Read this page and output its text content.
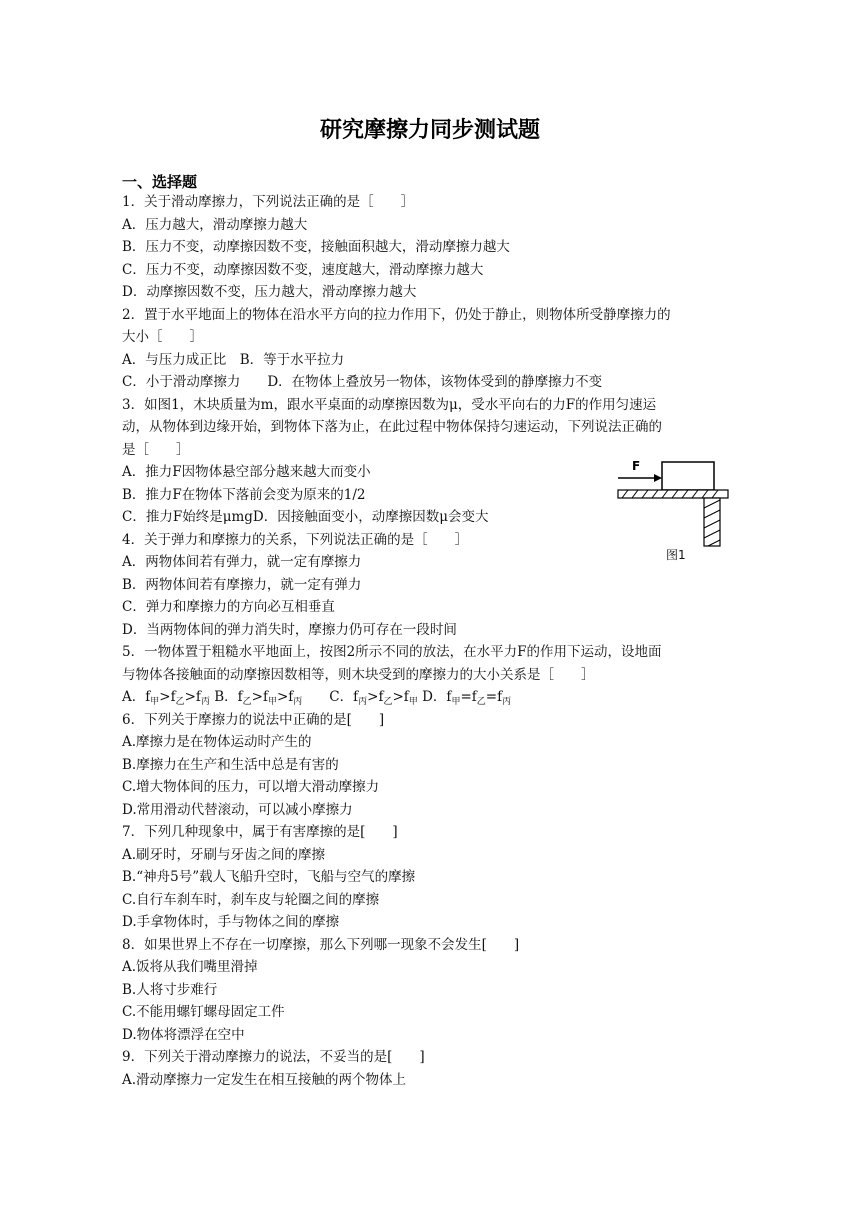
研究摩擦力同步测试题
一、选择题
1．关于滑动摩擦力，下列说法正确的是［　　］
A．压力越大，滑动摩擦力越大
B．压力不变，动摩擦因数不变，接触面积越大，滑动摩擦力越大
C．压力不变，动摩擦因数不变，速度越大，滑动摩擦力越大
D．动摩擦因数不变，压力越大，滑动摩擦力越大
2．置于水平地面上的物体在沿水平方向的拉力作用下，仍处于静止，则物体所受静摩擦力的
大小［　　］
A．与压力成正比　B．等于水平拉力
C．小于滑动摩擦力　　D．在物体上叠放另一物体，该物体受到的静摩擦力不变
3．如图1，木块质量为m，跟水平桌面的动摩擦因数为μ，受水平向右的力F的作用匀速运
动，从物体到边缘开始，到物体下落为止，在此过程中物体保持匀速运动，下列说法正确的
是［　　］
A．推力F因物体悬空部分越来越大而变小
B．推力F在物体下落前会变为原来的1/2
C．推力F始终是μmgD．因接触面变小，动摩擦因数μ会变大
4．关于弹力和摩擦力的关系，下列说法正确的是［　　］
A．两物体间若有弹力，就一定有摩擦力
B．两物体间若有摩擦力，就一定有弹力
C．弹力和摩擦力的方向必互相垂直
D．当两物体间的弹力消失时，摩擦力仍可存在一段时间
5．一物体置于粗糙水平地面上，按图2所示不同的放法，在水平力F的作用下运动，设地面
与物体各接触面的动摩擦因数相等，则木块受到的摩擦力的大小关系是［　　］
6．下列关于摩擦力的说法中正确的是[　　]
A.摩擦力是在物体运动时产生的
B.摩擦力在生产和生活中总是有害的
C.增大物体间的压力，可以增大滑动摩擦力
D.常用滑动代替滚动，可以减小摩擦力
7．下列几种现象中，属于有害摩擦的是[　　]
A.刷牙时，牙刷与牙齿之间的摩擦
B.“神舟5号”载人飞船升空时，飞船与空气的摩擦
C.自行车刹车时，刹车皮与轮圈之间的摩擦
D.手拿物体时，手与物体之间的摩擦
8．如果世界上不存在一切摩擦，那么下列哪一现象不会发生[　　]
A.饭将从我们嘴里滑掉
B.人将寸步难行
C.不能用螺钉螺母固定工件
D.物体将漂浮在空中
9．下列关于滑动摩擦力的说法，不妥当的是[　　]
A.滑动摩擦力一定发生在相互接触的两个物体上
A．$f_甲>f_乙>f_丙$ B．$f_乙>f_甲>f_丙$　　C．$f_丙>f_乙>f_甲$ D．$f_甲=f_乙=f_丙$
F
图1
